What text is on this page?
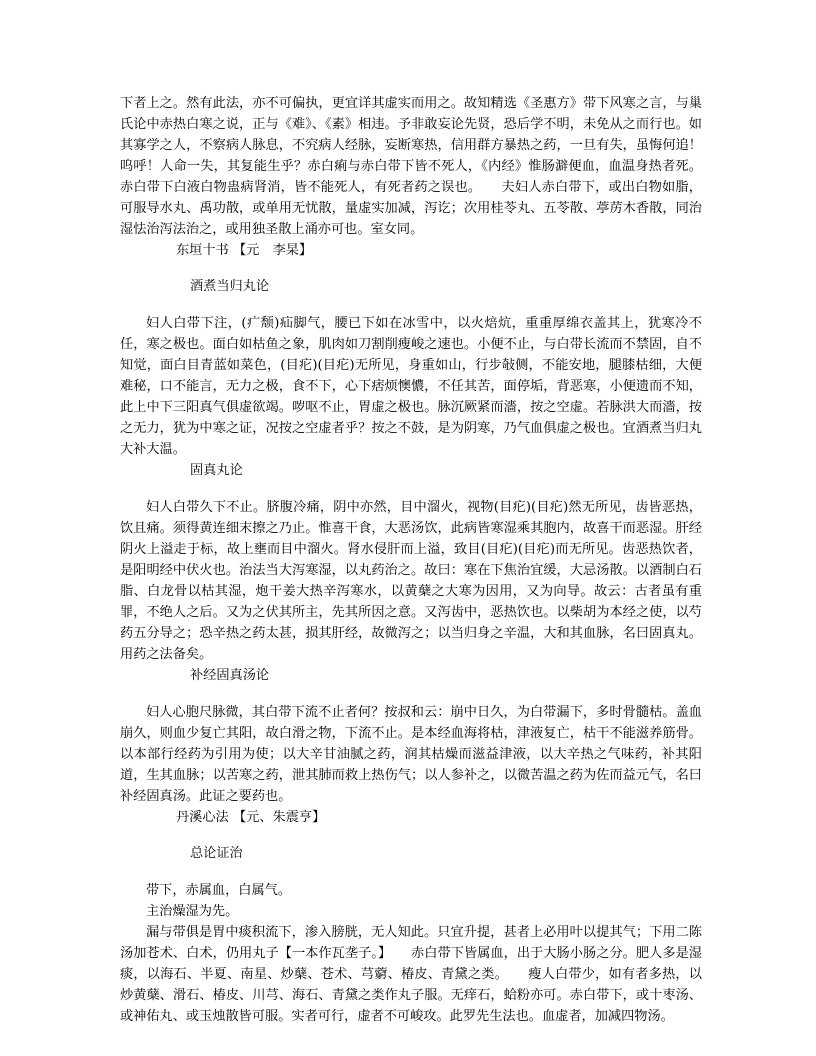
下者上之。然有此法，亦不可偏执，更宜详其虚实而用之。故知精选《圣惠方》带下风寒之言，与巢氏论中赤热白寒之说，正与《难》、《素》相违。予非敢妄论先贤，恐后学不明，未免从之而行也。如其寡学之人，不察病人脉息，不究病人经脉，妄断寒热，信用群方暴热之药，一旦有失，虽悔何追！呜呼！人命一失，其复能生乎？赤白痢与赤白带下皆不死人，《内经》惟肠澼便血，血温身热者死。赤白带下白液白物蛊病肾消，皆不能死人，有死者药之误也。　　夫妇人赤白带下，或出白物如脂，可服导水丸、禹功散，或单用无忧散，量虚实加减，泻讫；次用桂苓丸、五苓散、葶苈木香散，同治湿怯治泻法治之，或用独圣散上涌亦可也。室女同。

东垣十书 【元　李杲】
酒煮当归丸论

妇人白带下注，(疒颓)疝脚气，腰已下如在冰雪中，以火焙炕，重重厚绵衣盖其上，犹寒冷不任，寒之极也。面白如枯鱼之象，肌肉如刀割削瘦峻之速也。小便不止，与白带长流而不禁固，自不知觉，面白目青蓝如菜色，(目疕)(目疕)无所见，身重如山，行步敧侧，不能安地，腿膝枯细，大便难秘，口不能言，无力之极，食不下，心下痞烦懊憹，不任其苦，面停垢，背恶寒，小便遗而不知，此上中下三阳真气俱虚欲竭。哕呕不止，胃虚之极也。脉沉厥紧而濇，按之空虚。若脉洪大而濇，按之无力，犹为中寒之证，况按之空虚者乎？按之不鼓，是为阴寒，乃气血俱虚之极也。宜酒煮当归丸大补大温。

固真丸论

妇人白带久下不止。脐腹冷痛，阴中亦然，目中溜火，视物(目疕)(目疕)然无所见，齿皆恶热，饮且痛。须得黄连细末擦之乃止。惟喜干食，大恶汤饮，此病皆寒湿乘其胞内，故喜干而恶湿。肝经阴火上溢走于标，故上壅而目中溜火。肾水侵肝而上溢，致目(目疕)(目疕)而无所见。齿恶热饮者，是阳明经中伏火也。治法当大泻寒湿，以丸药治之。故曰：寒在下焦治宜缓，大忌汤散。以酒制白石脂、白龙骨以枯其湿，炮干姜大热辛泻寒水，以黄蘖之大寒为因用，又为向导。故云：古者虽有重罪，不绝人之后。又为之伏其所主，先其所因之意。又泻齿中，恶热饮也。以柴胡为本经之使，以芍药五分导之；恐辛热之药太甚，损其肝经，故微泻之；以当归身之辛温，大和其血脉，名曰固真丸。用药之法备矣。

补经固真汤论

妇人心胞尺脉微，其白带下流不止者何？按叔和云：崩中日久，为白带漏下，多时骨髓枯。盖血崩久，则血少复亡其阳，故白滑之物，下流不止。是本经血海将枯，津液复亡，枯干不能滋养筋骨。以本部行经药为引用为使；以大辛甘油腻之药，润其枯燥而滋益津液，以大辛热之气味药，补其阳道，生其血脉；以苦寒之药，泄其肺而救上热伤气；以人参补之，以微苦温之药为佐而益元气，名曰补经固真汤。此证之要药也。

丹溪心法 【元、朱震亨】
总论证治

带下，赤属血，白属气。

主治燥湿为先。

漏与带俱是胃中痰积流下，渗入膀胱，无人知此。只宜升提，甚者上必用叶以提其气；下用二陈汤加苍术、白术，仍用丸子【一本作瓦垄子。】　　赤白带下皆属血，出于大肠小肠之分。肥人多是湿痰，以海石、半夏、南星、炒蘖、苍术、芎藭、椿皮、青黛之类。　　瘦人白带少，如有者多热，以炒黄蘖、滑石、椿皮、川芎、海石、青黛之类作丸子服。无痒石，蛤粉亦可。赤白带下，或十枣汤、或神佑丸、或玉烛散皆可服。实者可行，虚者不可峻攻。此罗先生法也。血虚者，加减四物汤。
